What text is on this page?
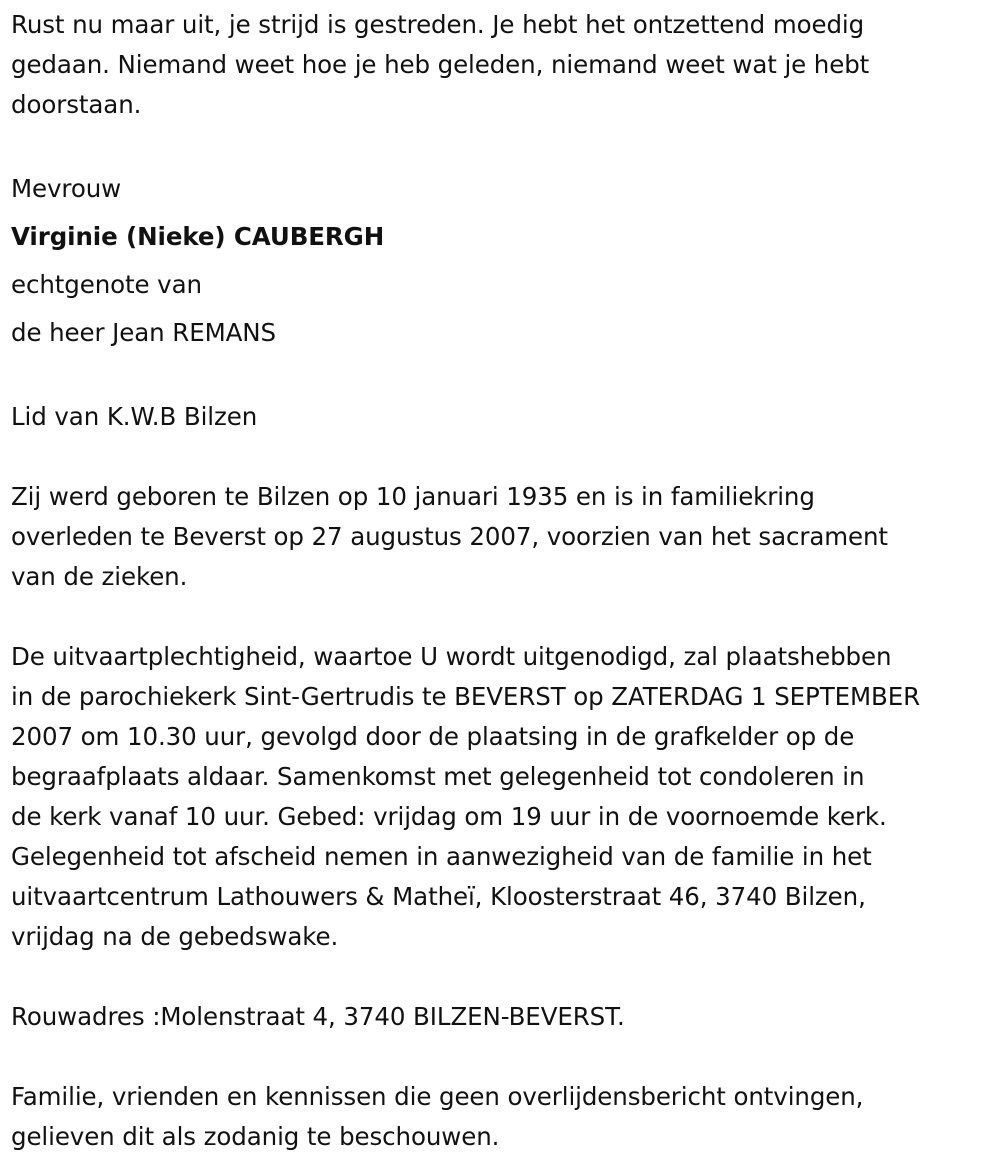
Rust nu maar uit, je strijd is gestreden. Je hebt het ontzettend moedig
gedaan. Niemand weet hoe je heb geleden, niemand weet wat je hebt
doorstaan.
Mevrouw
Virginie (Nieke) CAUBERGH
echtgenote van
de heer Jean REMANS
Lid van K.W.B Bilzen
Zij werd geboren te Bilzen op 10 januari 1935 en is in familiekring
overleden te Beverst op 27 augustus 2007, voorzien van het sacrament
van de zieken.
De uitvaartplechtigheid, waartoe U wordt uitgenodigd, zal plaatshebben
in de parochiekerk Sint-Gertrudis te BEVERST op ZATERDAG 1 SEPTEMBER
2007 om 10.30 uur, gevolgd door de plaatsing in de grafkelder op de
begraafplaats aldaar. Samenkomst met gelegenheid tot condoleren in
de kerk vanaf 10 uur. Gebed: vrijdag om 19 uur in de voornoemde kerk.
Gelegenheid tot afscheid nemen in aanwezigheid van de familie in het
uitvaartcentrum Lathouwers & Matheï, Kloosterstraat 46, 3740 Bilzen,
vrijdag na de gebedswake.
Rouwadres :Molenstraat 4, 3740 BILZEN-BEVERST.
Familie, vrienden en kennissen die geen overlijdensbericht ontvingen,
gelieven dit als zodanig te beschouwen.
